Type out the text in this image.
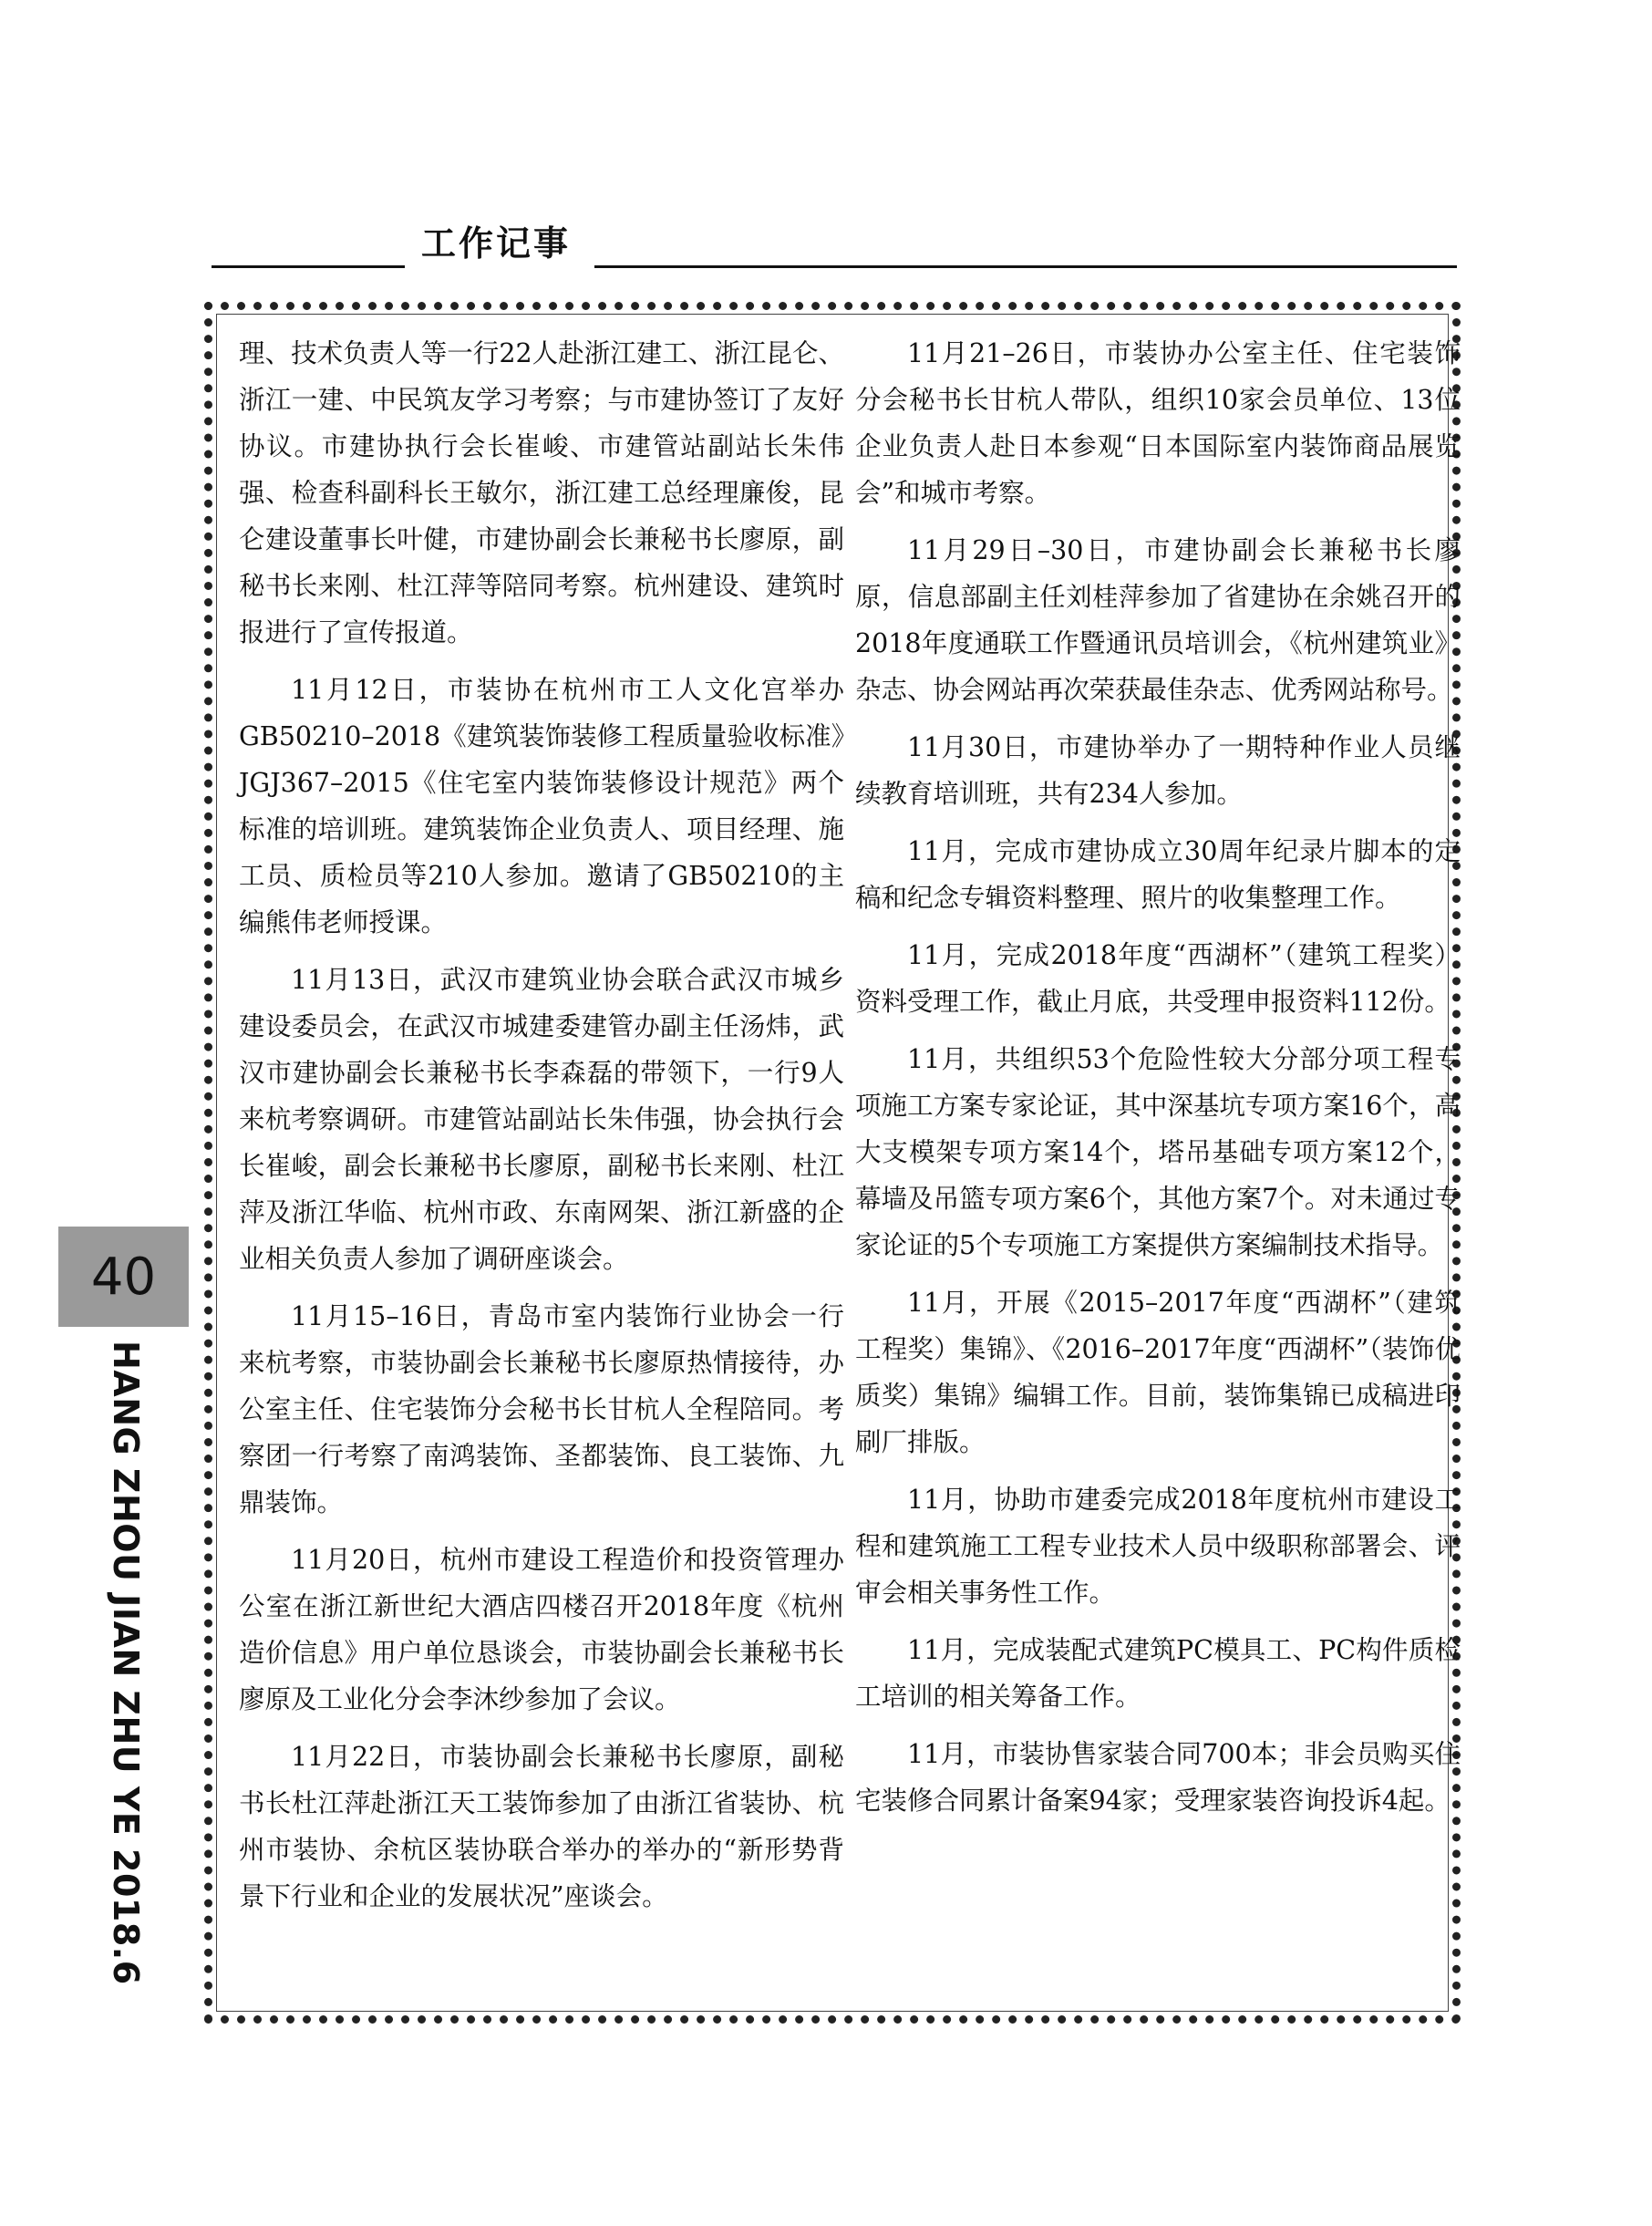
工作记事

理、技术负责人等一行22人赴浙江建工、浙江昆仑、浙江一建、中民筑友学习考察；与市建协签订了友好协议。市建协执行会长崔峻、市建管站副站长朱伟强、检查科副科长王敏尔，浙江建工总经理廉俊，昆仑建设董事长叶健，市建协副会长兼秘书长廖原，副秘书长来刚、杜江萍等陪同考察。杭州建设、建筑时报进行了宣传报道。

11月12日，市装协在杭州市工人文化宫举办GB50210–2018《建筑装饰装修工程质量验收标准》JGJ367–2015《住宅室内装饰装修设计规范》两个标准的培训班。建筑装饰企业负责人、项目经理、施工员、质检员等210人参加。邀请了GB50210的主编熊伟老师授课。

11月13日，武汉市建筑业协会联合武汉市城乡建设委员会，在武汉市城建委建管办副主任汤炜，武汉市建协副会长兼秘书长李森磊的带领下，一行9人来杭考察调研。市建管站副站长朱伟强，协会执行会长崔峻，副会长兼秘书长廖原，副秘书长来刚、杜江萍及浙江华临、杭州市政、东南网架、浙江新盛的企业相关负责人参加了调研座谈会。

11月15–16日，青岛市室内装饰行业协会一行来杭考察，市装协副会长兼秘书长廖原热情接待，办公室主任、住宅装饰分会秘书长甘杭人全程陪同。考察团一行考察了南鸿装饰、圣都装饰、良工装饰、九鼎装饰。

11月20日，杭州市建设工程造价和投资管理办公室在浙江新世纪大酒店四楼召开2018年度《杭州造价信息》用户单位恳谈会，市装协副会长兼秘书长廖原及工业化分会李沐纱参加了会议。

11月22日，市装协副会长兼秘书长廖原，副秘书长杜江萍赴浙江天工装饰参加了由浙江省装协、杭州市装协、余杭区装协联合举办的举办的“新形势背景下行业和企业的发展状况”座谈会。

11月21–26日，市装协办公室主任、住宅装饰分会秘书长甘杭人带队，组织10家会员单位、13位企业负责人赴日本参观“日本国际室内装饰商品展览会”和城市考察。

11月29日–30日，市建协副会长兼秘书长廖原，信息部副主任刘桂萍参加了省建协在余姚召开的2018年度通联工作暨通讯员培训会，《杭州建筑业》杂志、协会网站再次荣获最佳杂志、优秀网站称号。

11月30日，市建协举办了一期特种作业人员继续教育培训班，共有234人参加。

11月，完成市建协成立30周年纪录片脚本的定稿和纪念专辑资料整理、照片的收集整理工作。

11月，完成2018年度“西湖杯”（建筑工程奖）资料受理工作，截止月底，共受理申报资料112份。

11月，共组织53个危险性较大分部分项工程专项施工方案专家论证，其中深基坑专项方案16个，高大支模架专项方案14个，塔吊基础专项方案12个，幕墙及吊篮专项方案6个，其他方案7个。对未通过专家论证的5个专项施工方案提供方案编制技术指导。

11月，开展《2015–2017年度“西湖杯”（建筑工程奖）集锦》、《2016–2017年度“西湖杯”（装饰优质奖）集锦》编辑工作。目前，装饰集锦已成稿进印刷厂排版。

11月，协助市建委完成2018年度杭州市建设工程和建筑施工工程专业技术人员中级职称部署会、评审会相关事务性工作。

11月，完成装配式建筑PC模具工、PC构件质检工培训的相关筹备工作。

11月，市装协售家装合同700本；非会员购买住宅装修合同累计备案94家；受理家装咨询投诉4起。

40
HANG ZHOU JIAN ZHU YE 2018.6
